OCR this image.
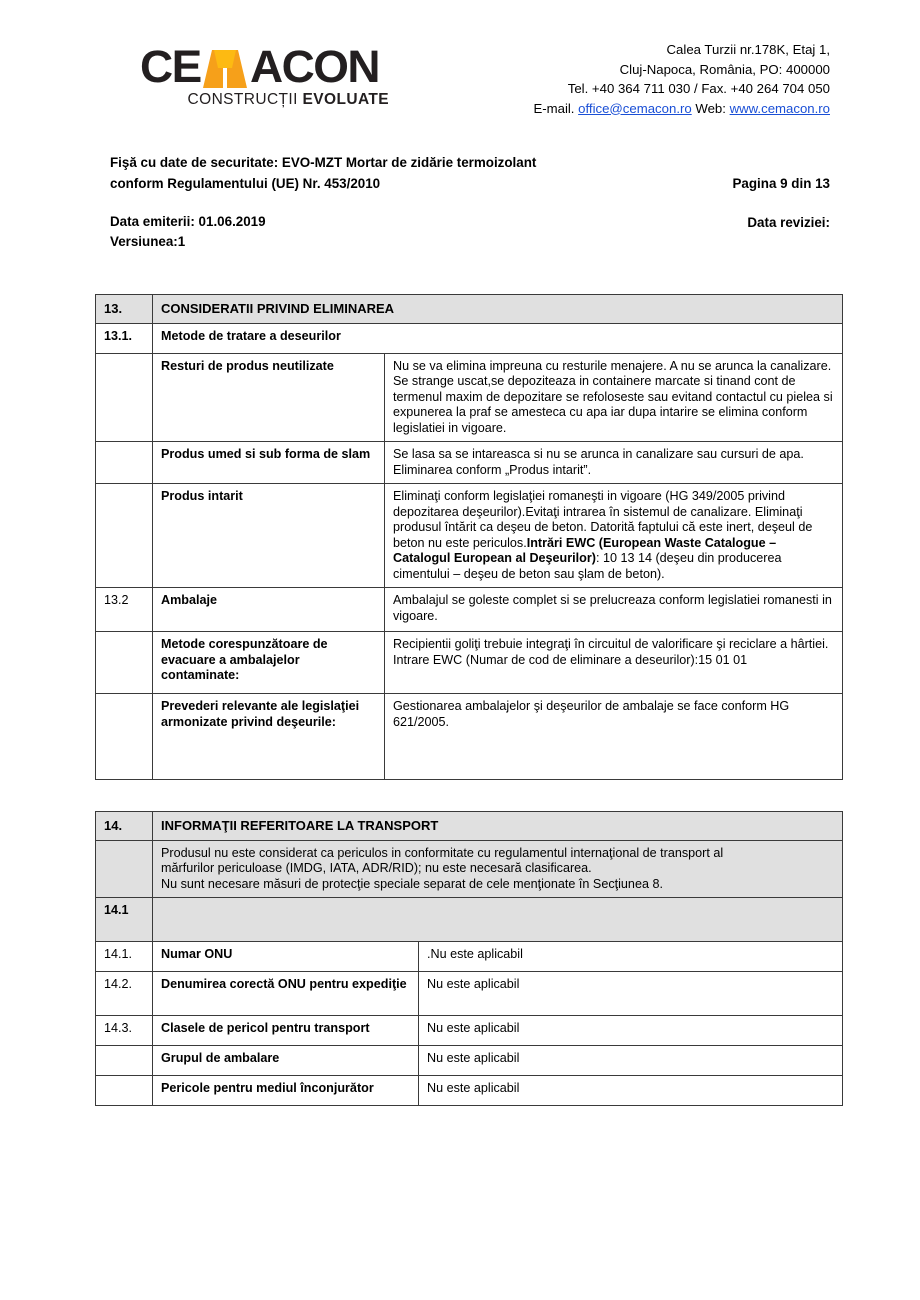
CE ACON
CONSTRUCȚII EVOLUATE
Calea Turzii nr.178K, Etaj 1,
Cluj-Napoca, România, PO: 400000
Tel. +40 364 711 030 / Fax. +40 264 704 050
E-mail. office@cemacon.ro Web: www.cemacon.ro
Fişă cu date de securitate: EVO-MZT Mortar de zidărie termoizolant
conform Regulamentului (UE) Nr. 453/2010	Pagina 9 din 13
Data emiterii: 01.06.2019
Versiunea:1
Data reviziei:
13.	CONSIDERATII PRIVIND ELIMINAREA	
13.1.	Metode de tratare a deseurilor	
	Resturi de produs neutilizate	Nu se va elimina impreuna cu resturile menajere. A nu se arunca la canalizare. Se strange uscat,se depoziteaza in containere marcate si tinand cont de termenul maxim de depozitare se refoloseste sau evitand contactul cu pielea si expunerea la praf se amesteca cu apa iar dupa intarire se elimina conform legislatiei in vigoare.
	Produs umed si sub forma de slam	Se lasa sa se intareasca si nu se arunca in canalizare sau cursuri de apa. Eliminarea conform „Produs intarit”.
	Produs intarit	Eliminaţi conform legislaţiei romaneşti in vigoare (HG 349/2005 privind depozitarea deşeurilor).Evitaţi intrarea în sistemul de canalizare. Eliminaţi produsul întărit ca deşeu de beton. Datorită faptului că este inert, deşeul de beton nu este periculos.Intrări EWC (European Waste Catalogue – Catalogul European al Deşeurilor): 10 13 14 (deşeu din producerea cimentului – deşeu de beton sau şlam de beton).
13.2	Ambalaje	Ambalajul se goleste complet si se prelucreaza conform legislatiei romanesti in vigoare.
	Metode corespunzătoare de evacuare a ambalajelor contaminate:	Recipientii goliţi trebuie integraţi în circuitul de valorificare şi reciclare a hârtiei. Intrare EWC (Numar de cod de eliminare a deseurilor):15 01 01
	Prevederi relevante ale legislaţiei armonizate privind deşeurile:	Gestionarea ambalajelor şi deşeurilor de ambalaje se face conform HG 621/2005.
14.	INFORMAŢII REFERITOARE LA TRANSPORT	

	Produsul nu este considerat ca periculos in conformitate cu regulamentul internaţional de transport al
mărfurilor periculoase (IMDG, IATA, ADR/RID); nu este necesară clasificarea.
Nu sunt necesare măsuri de protecţie speciale separat de cele menţionate în Secţiunea 8.	

14.1		
14.1.	Numar ONU	.Nu este aplicabil
14.2.	Denumirea corectă ONU pentru expediţie	Nu este aplicabil
14.3.	Clasele de pericol pentru transport	Nu este aplicabil
	Grupul de ambalare	Nu este aplicabil
	Pericole pentru mediul înconjurător	Nu este aplicabil
